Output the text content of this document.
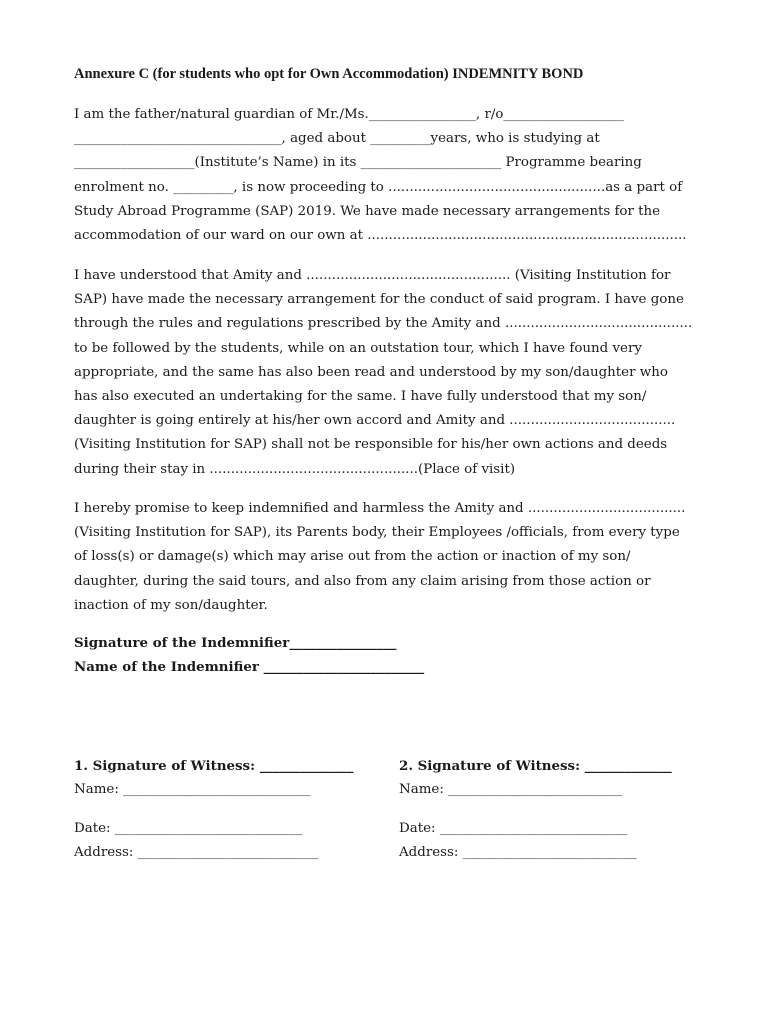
Annexure C (for students who opt for Own Accommodation) INDEMNITY BOND
I am the father/natural guardian of Mr./Ms.________________, r/o__________________
_______________________________, aged about _________years, who is studying at
__________________(Institute’s Name) in its _____________________ Programme bearing
enrolment no. _________, is now proceeding to ...................................................as a part of
Study Abroad Programme (SAP) 2019. We have made necessary arrangements for the
accommodation of our ward on our own at ...........................................................................
I have understood that Amity and ................................................ (Visiting Institution for
SAP) have made the necessary arrangement for the conduct of said program. I have gone
through the rules and regulations prescribed by the Amity and ............................................
to be followed by the students, while on an outstation tour, which I have found very
appropriate, and the same has also been read and understood by my son/daughter who
has also executed an undertaking for the same. I have fully understood that my son/
daughter is going entirely at his/her own accord and Amity and .......................................
(Visiting Institution for SAP) shall not be responsible for his/her own actions and deeds
during their stay in .................................................(Place of visit)
I hereby promise to keep indemnified and harmless the Amity and .....................................
(Visiting Institution for SAP), its Parents body, their Employees /officials, from every type
of loss(s) or damage(s) which may arise out from the action or inaction of my son/
daughter, during the said tours, and also from any claim arising from those action or
inaction of my son/daughter.
Signature of the Indemnifier________________
Name of the Indemnifier ________________________
1. Signature of Witness: ______________
Name: ____________________________
Date: ____________________________
Address: ___________________________
2. Signature of Witness: _____________
Name: __________________________
Date: ____________________________
Address: __________________________
